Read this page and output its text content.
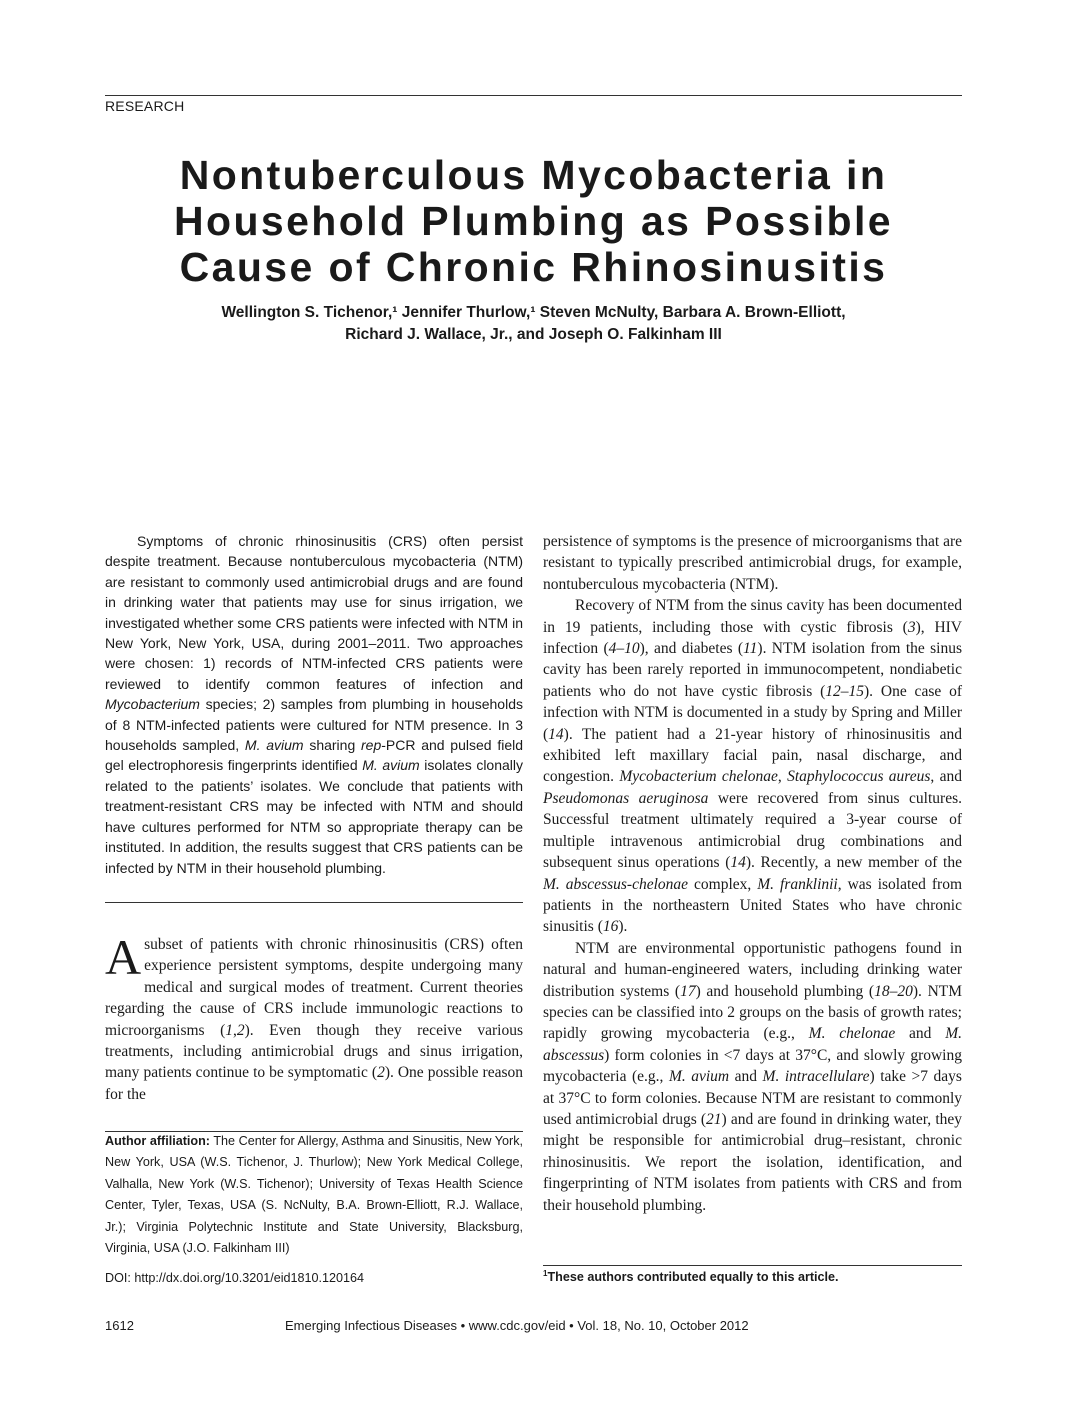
RESEARCH
Nontuberculous Mycobacteria in
Household Plumbing as Possible
Cause of Chronic Rhinosinusitis
Wellington S. Tichenor,¹ Jennifer Thurlow,¹ Steven McNulty, Barbara A. Brown-Elliott,
Richard J. Wallace, Jr., and Joseph O. Falkinham III

Symptoms of chronic rhinosinusitis (CRS) often persist despite treatment. Because nontuberculous mycobacteria (NTM) are resistant to commonly used antimicrobial drugs and are found in drinking water that patients may use for sinus irrigation, we investigated whether some CRS patients were infected with NTM in New York, New York, USA, during 2001–2011. Two approaches were chosen: 1) records of NTM-infected CRS patients were reviewed to identify common features of infection and Mycobacterium species; 2) samples from plumbing in households of 8 NTM-infected patients were cultured for NTM presence. In 3 households sampled, M. avium sharing rep-PCR and pulsed field gel electrophoresis fingerprints identified M. avium isolates clonally related to the patients’ isolates. We conclude that patients with treatment-resistant CRS may be infected with NTM and should have cultures performed for NTM so appropriate therapy can be instituted. In addition, the results suggest that CRS patients can be infected by NTM in their household plumbing.

Asubset of patients with chronic rhinosinusitis (CRS) often experience persistent symptoms, despite undergoing many medical and surgical modes of treatment. Current theories regarding the cause of CRS include immunologic reactions to microorganisms (1,2). Even though they receive various treatments, including antimicrobial drugs and sinus irrigation, many patients continue to be symptomatic (2). One possible reason for the

Author affiliation: The Center for Allergy, Asthma and Sinusitis, New York, New York, USA (W.S. Tichenor, J. Thurlow); New York Medical College, Valhalla, New York (W.S. Tichenor); University of Texas Health Science Center, Tyler, Texas, USA (S. NcNulty, B.A. Brown-Elliott, R.J. Wallace, Jr.); Virginia Polytechnic Institute and State University, Blacksburg, Virginia, USA (J.O. Falkinham III)
DOI: http://dx.doi.org/10.3201/eid1810.120164

persistence of symptoms is the presence of microorganisms that are resistant to typically prescribed antimicrobial drugs, for example, nontuberculous mycobacteria (NTM).

Recovery of NTM from the sinus cavity has been documented in 19 patients, including those with cystic fibrosis (3), HIV infection (4–10), and diabetes (11). NTM isolation from the sinus cavity has been rarely reported in immunocompetent, nondiabetic patients who do not have cystic fibrosis (12–15). One case of infection with NTM is documented in a study by Spring and Miller (14). The patient had a 21-year history of rhinosinusitis and exhibited left maxillary facial pain, nasal discharge, and congestion. Mycobacterium chelonae, Staphylococcus aureus, and Pseudomonas aeruginosa were recovered from sinus cultures. Successful treatment ultimately required a 3-year course of multiple intravenous antimicrobial drug combinations and subsequent sinus operations (14). Recently, a new member of the M. abscessus-chelonae complex, M. franklinii, was isolated from patients in the northeastern United States who have chronic sinusitis (16).

NTM are environmental opportunistic pathogens found in natural and human-engineered waters, including drinking water distribution systems (17) and household plumbing (18–20). NTM species can be classified into 2 groups on the basis of growth rates; rapidly growing mycobacteria (e.g., M. chelonae and M. abscessus) form colonies in <7 days at 37°C, and slowly growing mycobacteria (e.g., M. avium and M. intracellulare) take >7 days at 37°C to form colonies. Because NTM are resistant to commonly used antimicrobial drugs (21) and are found in drinking water, they might be responsible for antimicrobial drug–resistant, chronic rhinosinusitis. We report the isolation, identification, and fingerprinting of NTM isolates from patients with CRS and from their household plumbing.

$^1$These authors contributed equally to this article.
1612	Emerging Infectious Diseases • www.cdc.gov/eid • Vol. 18, No. 10, October 2012
